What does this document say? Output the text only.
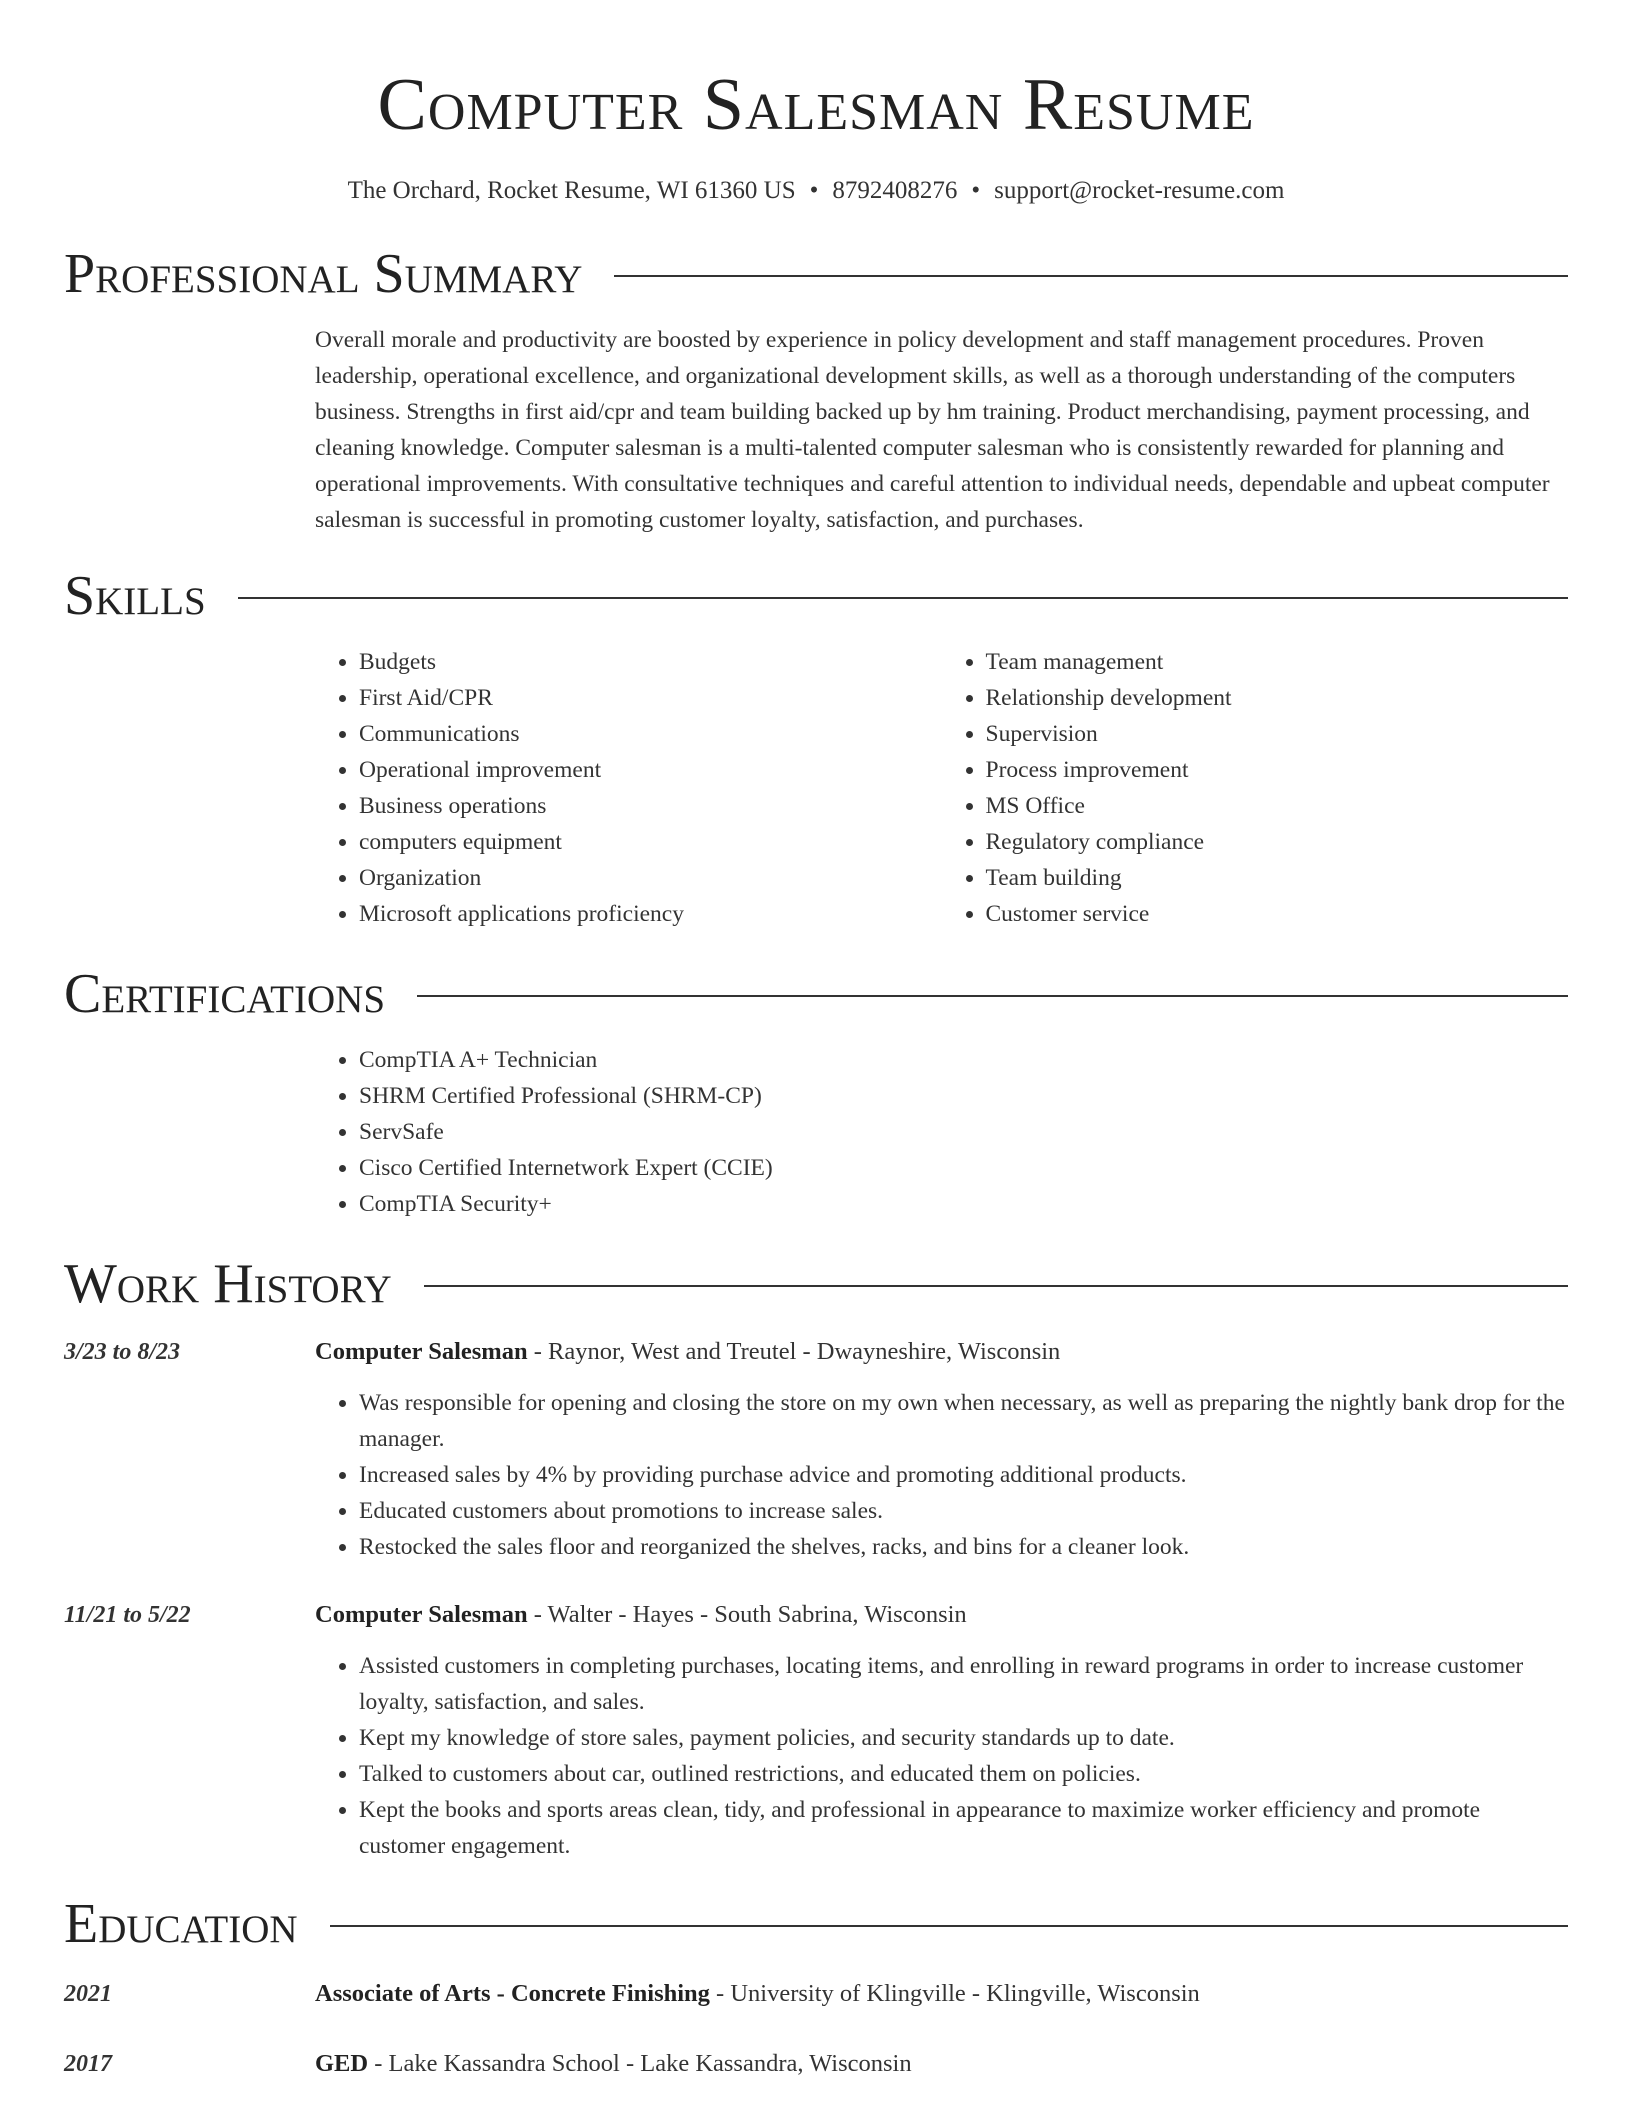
Computer Salesman Resume
The Orchard, Rocket Resume, WI 61360 US • 8792408276 • support@rocket-resume.com
Professional Summary

Overall morale and productivity are boosted by experience in policy development and staff management procedures. Proven leadership, operational excellence, and organizational development skills, as well as a thorough understanding of the computers business. Strengths in first aid/cpr and team building backed up by hm training. Product merchandising, payment processing, and cleaning knowledge. Computer salesman is a multi-talented computer salesman who is consistently rewarded for planning and operational improvements. With consultative techniques and careful attention to individual needs, dependable and upbeat computer salesman is successful in promoting customer loyalty, satisfaction, and purchases.

Skills
• Budgets
• First Aid/CPR
• Communications
• Operational improvement
• Business operations
• computers equipment
• Organization
• Microsoft applications proficiency
• Team management
• Relationship development
• Supervision
• Process improvement
• MS Office
• Regulatory compliance
• Team building
• Customer service
Certifications
• CompTIA A+ Technician
• SHRM Certified Professional (SHRM-CP)
• ServSafe
• Cisco Certified Internetwork Expert (CCIE)
• CompTIA Security+
Work History
3/23 to 8/23	Computer Salesman - Raynor, West and Treutel - Dwayneshire, Wisconsin
• Was responsible for opening and closing the store on my own when necessary, as well as preparing the nightly bank drop for the manager.
• Increased sales by 4% by providing purchase advice and promoting additional products.
• Educated customers about promotions to increase sales.
• Restocked the sales floor and reorganized the shelves, racks, and bins for a cleaner look.
11/21 to 5/22	Computer Salesman - Walter - Hayes - South Sabrina, Wisconsin
• Assisted customers in completing purchases, locating items, and enrolling in reward programs in order to increase customer loyalty, satisfaction, and sales.
• Kept my knowledge of store sales, payment policies, and security standards up to date.
• Talked to customers about car, outlined restrictions, and educated them on policies.
• Kept the books and sports areas clean, tidy, and professional in appearance to maximize worker efficiency and promote customer engagement.
Education
2021	Associate of Arts - Concrete Finishing - University of Klingville - Klingville, Wisconsin
2017	GED - Lake Kassandra School - Lake Kassandra, Wisconsin
